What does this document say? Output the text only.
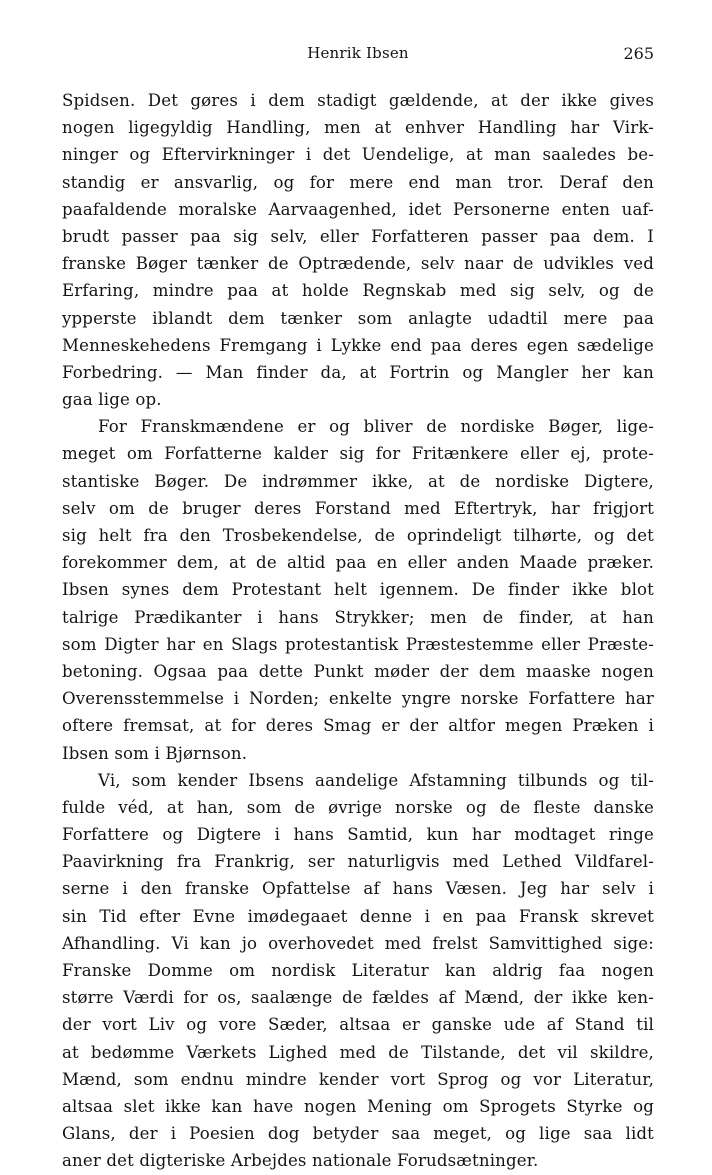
Henrik Ibsen	265
Spidsen. Det gøres i dem stadigt gældende, at der ikke gives
nogen ligegyldig Handling, men at enhver Handling har Virk-
ninger og Eftervirkninger i det Uendelige, at man saaledes be-
standig er ansvarlig, og for mere end man tror. Deraf den
paafaldende moralske Aarvaagenhed, idet Personerne enten uaf-
brudt passer paa sig selv, eller Forfatteren passer paa dem. I
franske Bøger tænker de Optrædende, selv naar de udvikles ved
Erfaring, mindre paa at holde Regnskab med sig selv, og de
ypperste iblandt dem tænker som anlagte udadtil mere paa
Menneskehedens Fremgang i Lykke end paa deres egen sædelige
Forbedring. — Man finder da, at Fortrin og Mangler her kan
gaa lige op.
For Franskmændene er og bliver de nordiske Bøger, lige-
meget om Forfatterne kalder sig for Fritænkere eller ej, prote-
stantiske Bøger. De indrømmer ikke, at de nordiske Digtere,
selv om de bruger deres Forstand med Eftertryk, har frigjort
sig helt fra den Trosbekendelse, de oprindeligt tilhørte, og det
forekommer dem, at de altid paa en eller anden Maade præker.
Ibsen synes dem Protestant helt igennem. De finder ikke blot
talrige Prædikanter i hans Strykker; men de finder, at han
som Digter har en Slags protestantisk Præstestemme eller Præste-
betoning. Ogsaa paa dette Punkt møder der dem maaske nogen
Overensstemmelse i Norden; enkelte yngre norske Forfattere har
oftere fremsat, at for deres Smag er der altfor megen Præken i
Ibsen som i Bjørnson.
Vi, som kender Ibsens aandelige Afstamning tilbunds og til-
fulde véd, at han, som de øvrige norske og de fleste danske
Forfattere og Digtere i hans Samtid, kun har modtaget ringe
Paavirkning fra Frankrig, ser naturligvis med Lethed Vildfarel-
serne i den franske Opfattelse af hans Væsen. Jeg har selv i
sin Tid efter Evne imødegaaet denne i en paa Fransk skrevet
Afhandling. Vi kan jo overhovedet med frelst Samvittighed sige:
Franske Domme om nordisk Literatur kan aldrig faa nogen
større Værdi for os, saalænge de fældes af Mænd, der ikke ken-
der vort Liv og vore Sæder, altsaa er ganske ude af Stand til
at bedømme Værkets Lighed med de Tilstande, det vil skildre,
Mænd, som endnu mindre kender vort Sprog og vor Literatur,
altsaa slet ikke kan have nogen Mening om Sprogets Styrke og
Glans, der i Poesien dog betyder saa meget, og lige saa lidt
aner det digteriske Arbejdes nationale Forudsætninger.
